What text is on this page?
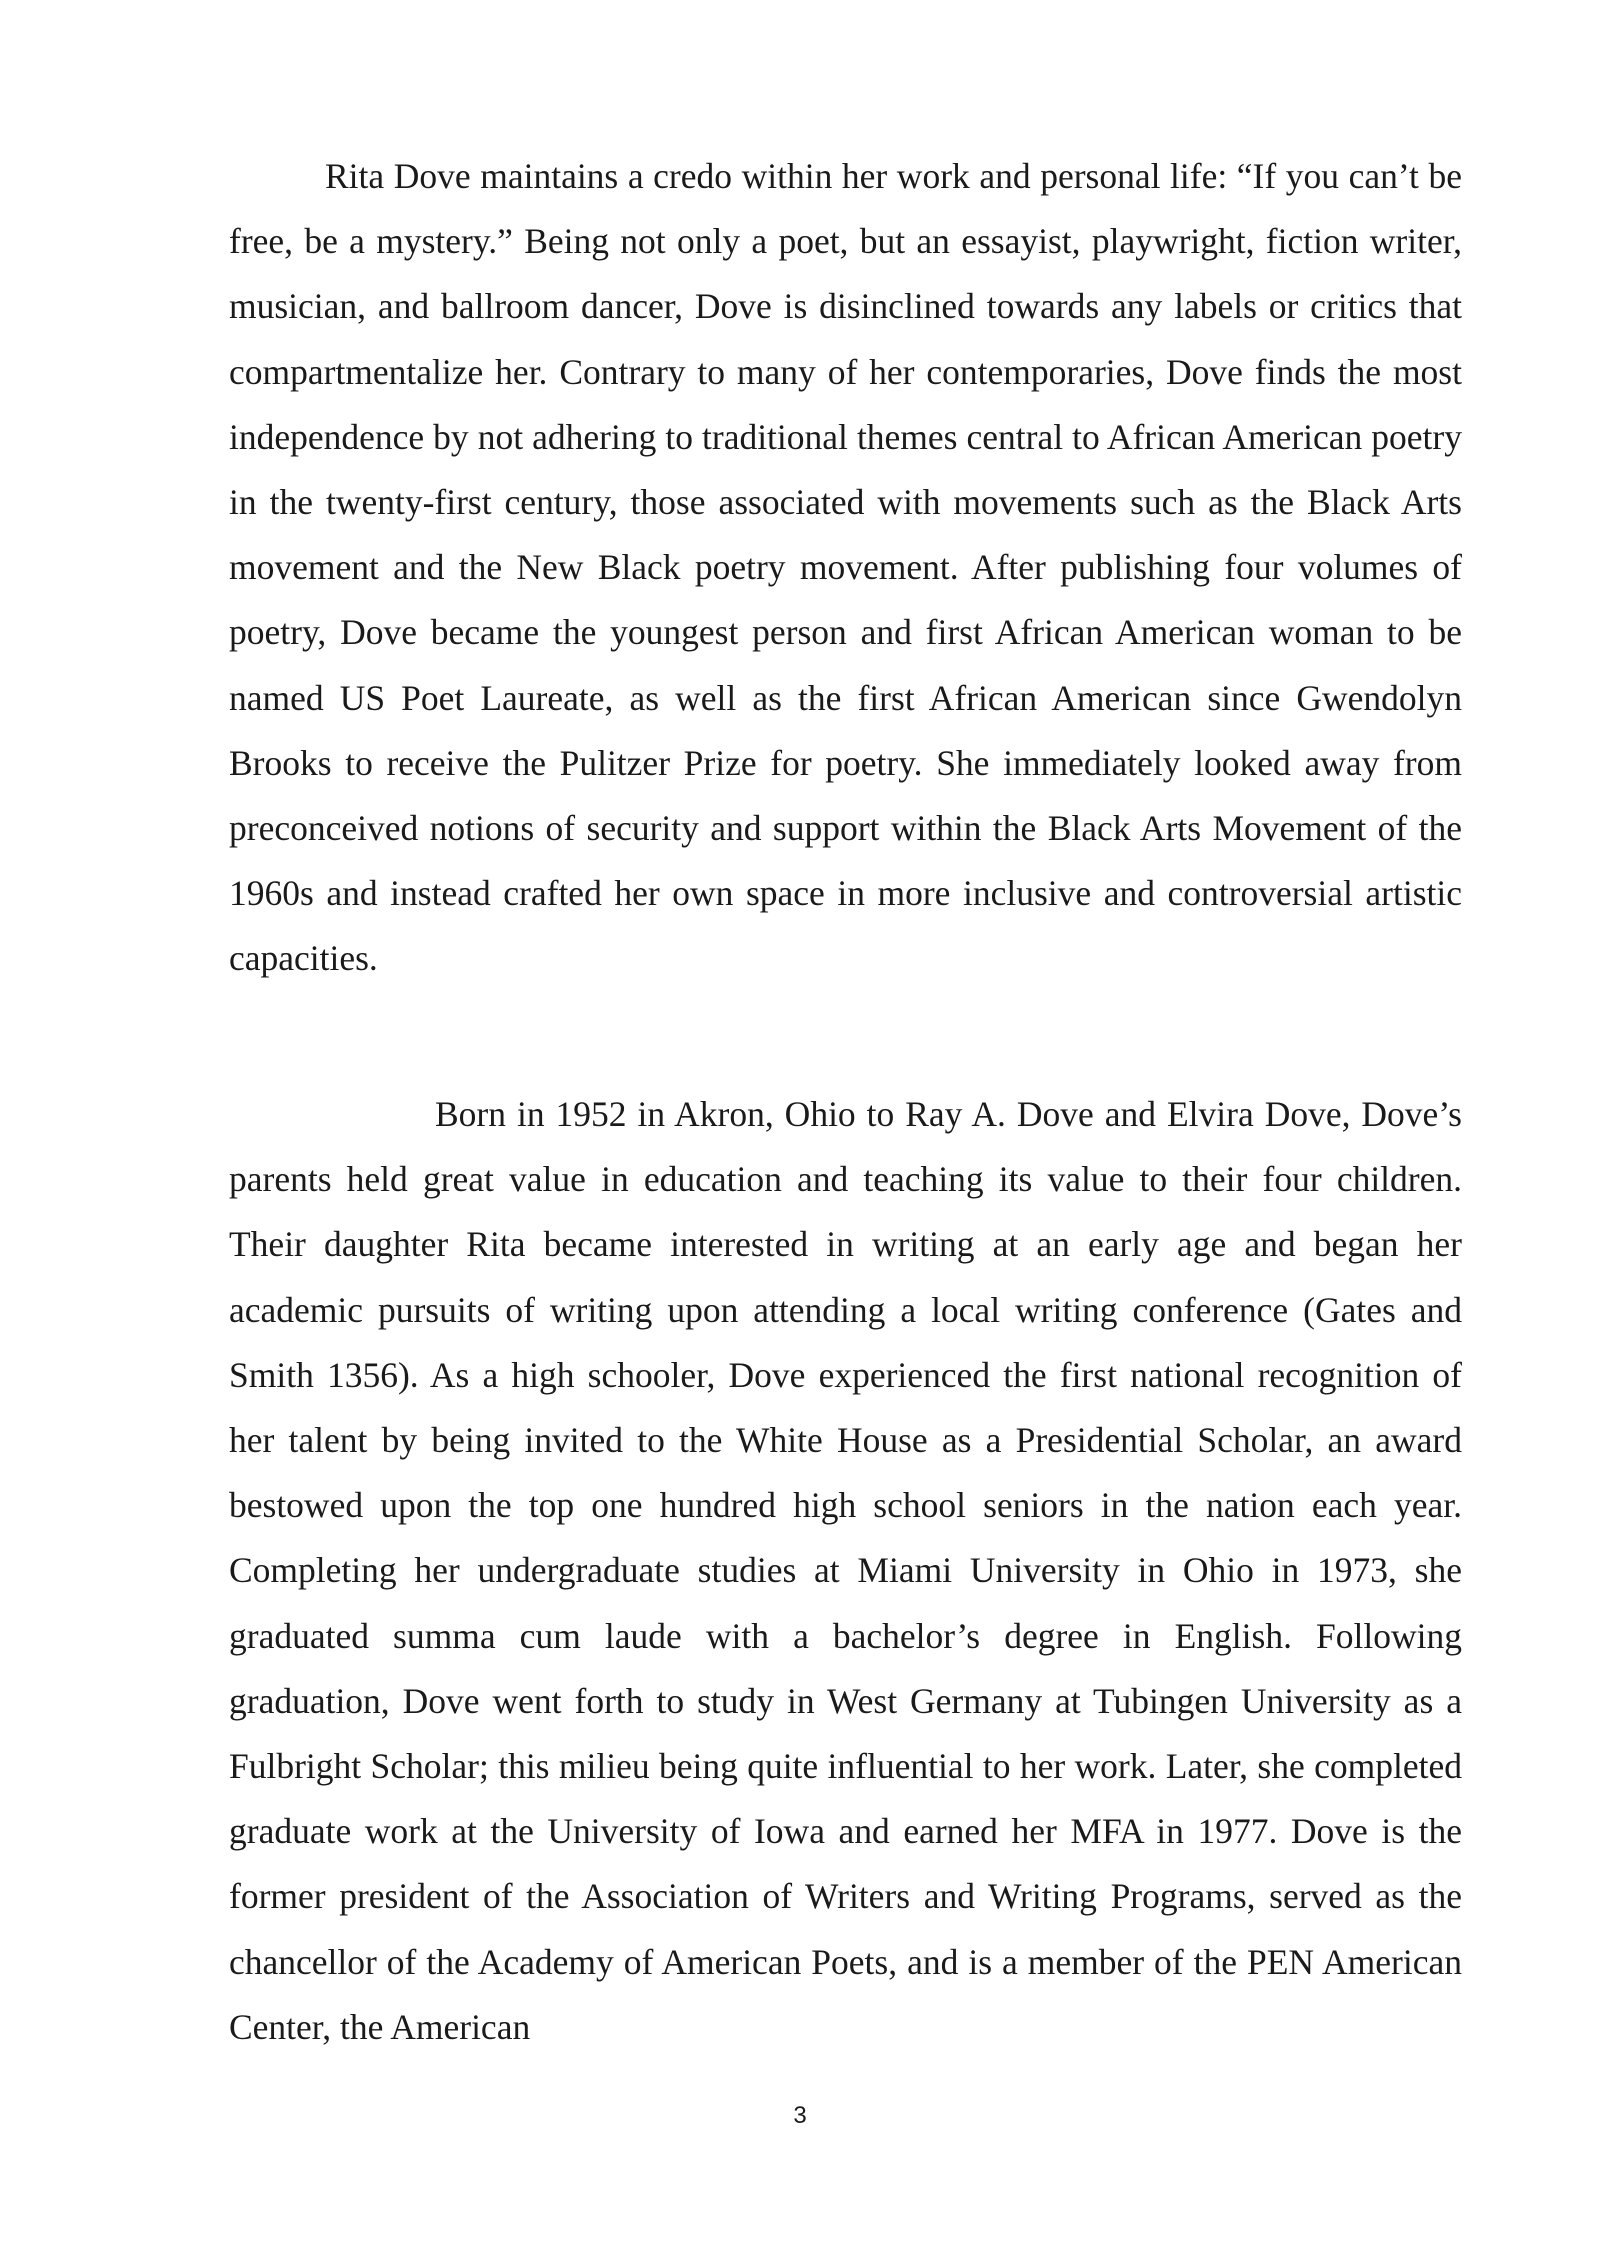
Rita Dove maintains a credo within her work and personal life: “If you can’t be free, be a mystery.” Being not only a poet, but an essayist, playwright, fiction writer, musician, and ballroom dancer, Dove is disinclined towards any labels or critics that compartmentalize her. Contrary to many of her contemporaries, Dove finds the most independence by not adhering to traditional themes central to African American poetry in the twenty-first century, those associated with movements such as the Black Arts movement and the New Black poetry movement. After publishing four volumes of poetry, Dove became the youngest person and first African American woman to be named US Poet Laureate, as well as the first African American since Gwendolyn Brooks to receive the Pulitzer Prize for poetry. She immediately looked away from preconceived notions of security and support within the Black Arts Movement of the 1960s and instead crafted her own space in more inclusive and controversial artistic capacities.

Born in 1952 in Akron, Ohio to Ray A. Dove and Elvira Dove, Dove’s parents held great value in education and teaching its value to their four children. Their daughter Rita became interested in writing at an early age and began her academic pursuits of writing upon attending a local writing conference (Gates and Smith 1356). As a high schooler, Dove experienced the first national recognition of her talent by being invited to the White House as a Presidential Scholar, an award bestowed upon the top one hundred high school seniors in the nation each year. Completing her undergraduate studies at Miami University in Ohio in 1973, she graduated summa cum laude with a bachelor’s degree in English. Following graduation, Dove went forth to study in West Germany at Tubingen University as a Fulbright Scholar; this milieu being quite influential to her work. Later, she completed graduate work at the University of Iowa and earned her MFA in 1977. Dove is the former president of the Association of Writers and Writing Programs, served as the chancellor of the Academy of American Poets, and is a member of the PEN American Center, the American

3
